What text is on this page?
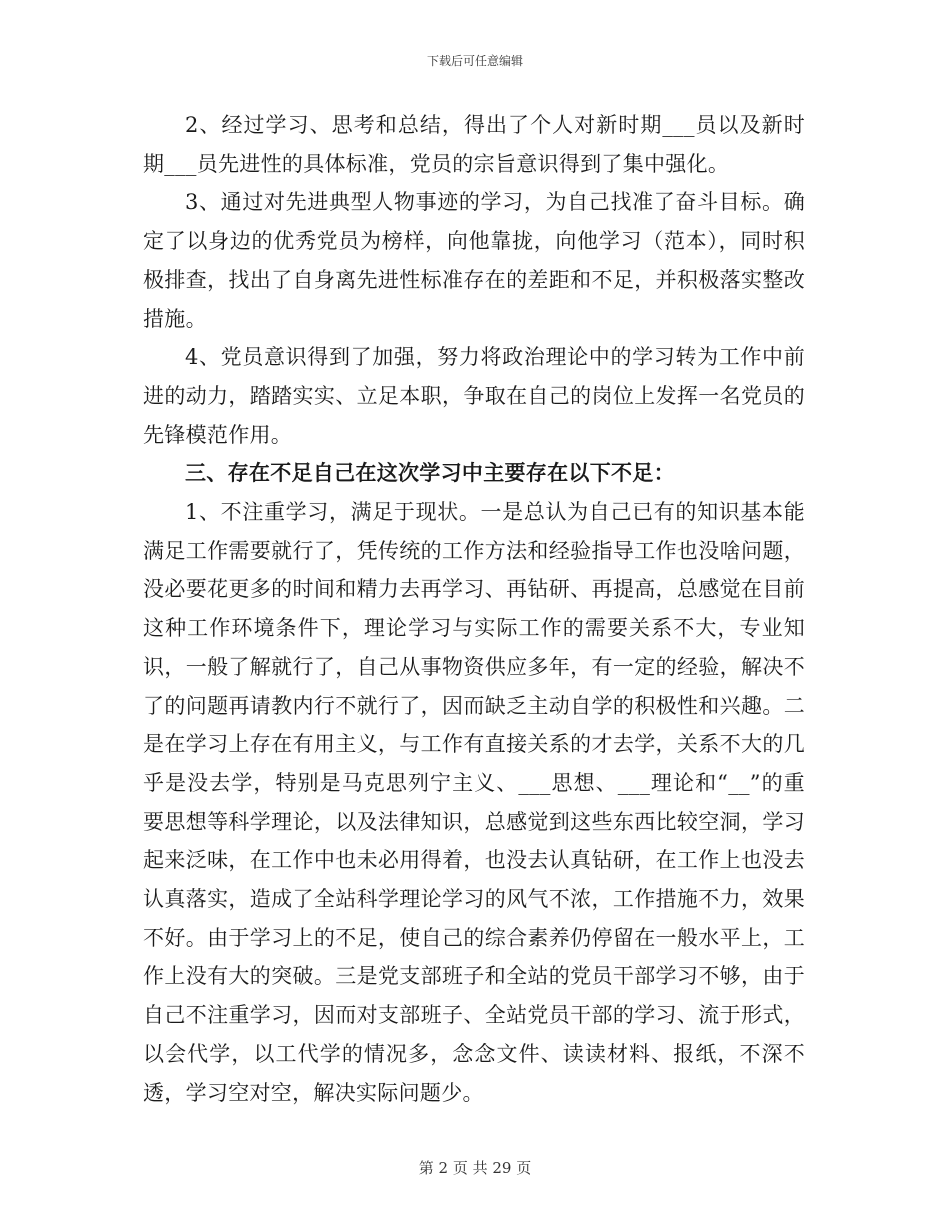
下载后可任意编辑

2、经过学习、思考和总结，得出了个人对新时期___员以及新时期___员先进性的具体标准，党员的宗旨意识得到了集中强化。

3、通过对先进典型人物事迹的学习，为自己找准了奋斗目标。确定了以身边的优秀党员为榜样，向他靠拢，向他学习（范本），同时积极排查，找出了自身离先进性标准存在的差距和不足，并积极落实整改措施。

4、党员意识得到了加强，努力将政治理论中的学习转为工作中前进的动力，踏踏实实、立足本职，争取在自己的岗位上发挥一名党员的先锋模范作用。

三、存在不足自己在这次学习中主要存在以下不足：

1、不注重学习，满足于现状。一是总认为自己已有的知识基本能满足工作需要就行了，凭传统的工作方法和经验指导工作也没啥问题，没必要花更多的时间和精力去再学习、再钻研、再提高，总感觉在目前这种工作环境条件下，理论学习与实际工作的需要关系不大，专业知识，一般了解就行了，自己从事物资供应多年，有一定的经验，解决不了的问题再请教内行不就行了，因而缺乏主动自学的积极性和兴趣。二是在学习上存在有用主义，与工作有直接关系的才去学，关系不大的几乎是没去学，特别是马克思列宁主义、___思想、___理论和“__”的重要思想等科学理论，以及法律知识，总感觉到这些东西比较空洞，学习起来泛味，在工作中也未必用得着，也没去认真钻研，在工作上也没去认真落实，造成了全站科学理论学习的风气不浓，工作措施不力，效果不好。由于学习上的不足，使自己的综合素养仍停留在一般水平上，工作上没有大的突破。三是党支部班子和全站的党员干部学习不够，由于自己不注重学习，因而对支部班子、全站党员干部的学习、流于形式，以会代学，以工代学的情况多，念念文件、读读材料、报纸，不深不透，学习空对空，解决实际问题少。

第 2 页 共 29 页
